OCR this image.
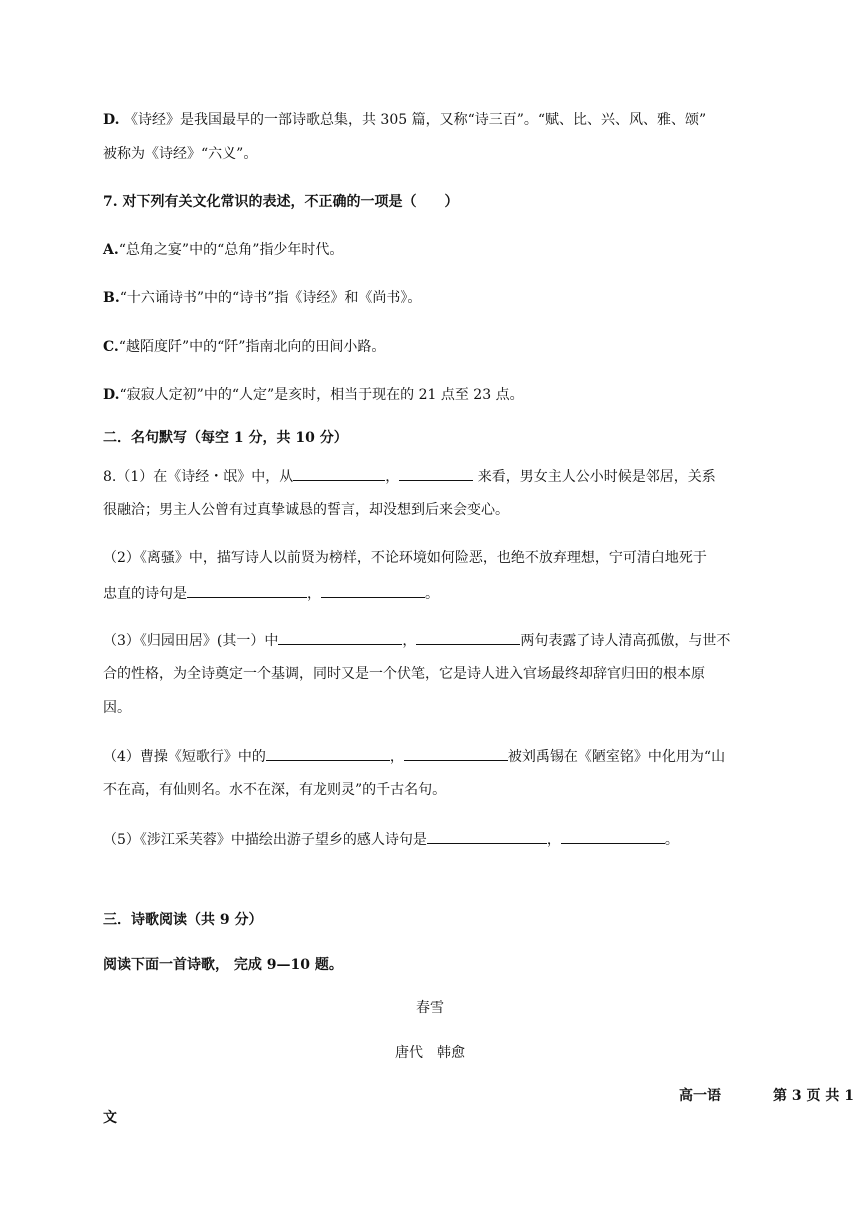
D. 《诗经》是我国最早的一部诗歌总集，共 305 篇，又称“诗三百”。“赋、比、兴、风、雅、颂”
被称为《诗经》“六义”。
7. 对下列有关文化常识的表述，不正确的一项是（　　）
A.“总角之宴”中的“总角”指少年时代。
B.“十六诵诗书”中的“诗书”指《诗经》和《尚书》。
C.“越陌度阡”中的“阡”指南北向的田间小路。
D.“寂寂人定初”中的“人定”是亥时，相当于现在的 21 点至 23 点。
二．名句默写（每空 1 分，共 10 分）
8.（1）在《诗经・氓》中，从	，	来看，男女主人公小时候是邻居，关系
很融洽；男主人公曾有过真挚诚恳的誓言，却没想到后来会变心。
（2）《离骚》中，描写诗人以前贤为榜样，不论环境如何险恶，也绝不放弃理想，宁可清白地死于
忠直的诗句是	，	。
（3）《归园田居》(其一）中	，	两句表露了诗人清高孤傲，与世不
合的性格，为全诗奠定一个基调，同时又是一个伏笔，它是诗人进入官场最终却辞官归田的根本原
因。
（4）曹操《短歌行》中的	，	被刘禹锡在《陋室铭》中化用为“山
不在高，有仙则名。水不在深，有龙则灵”的千古名句。
（5）《涉江采芙蓉》中描绘出游子望乡的感人诗句是	，	。
三．诗歌阅读（共 9 分）
阅读下面一首诗歌， 完成 9—10 题。
春雪
唐代　韩愈
高一语	第 3 页 共 1
文
